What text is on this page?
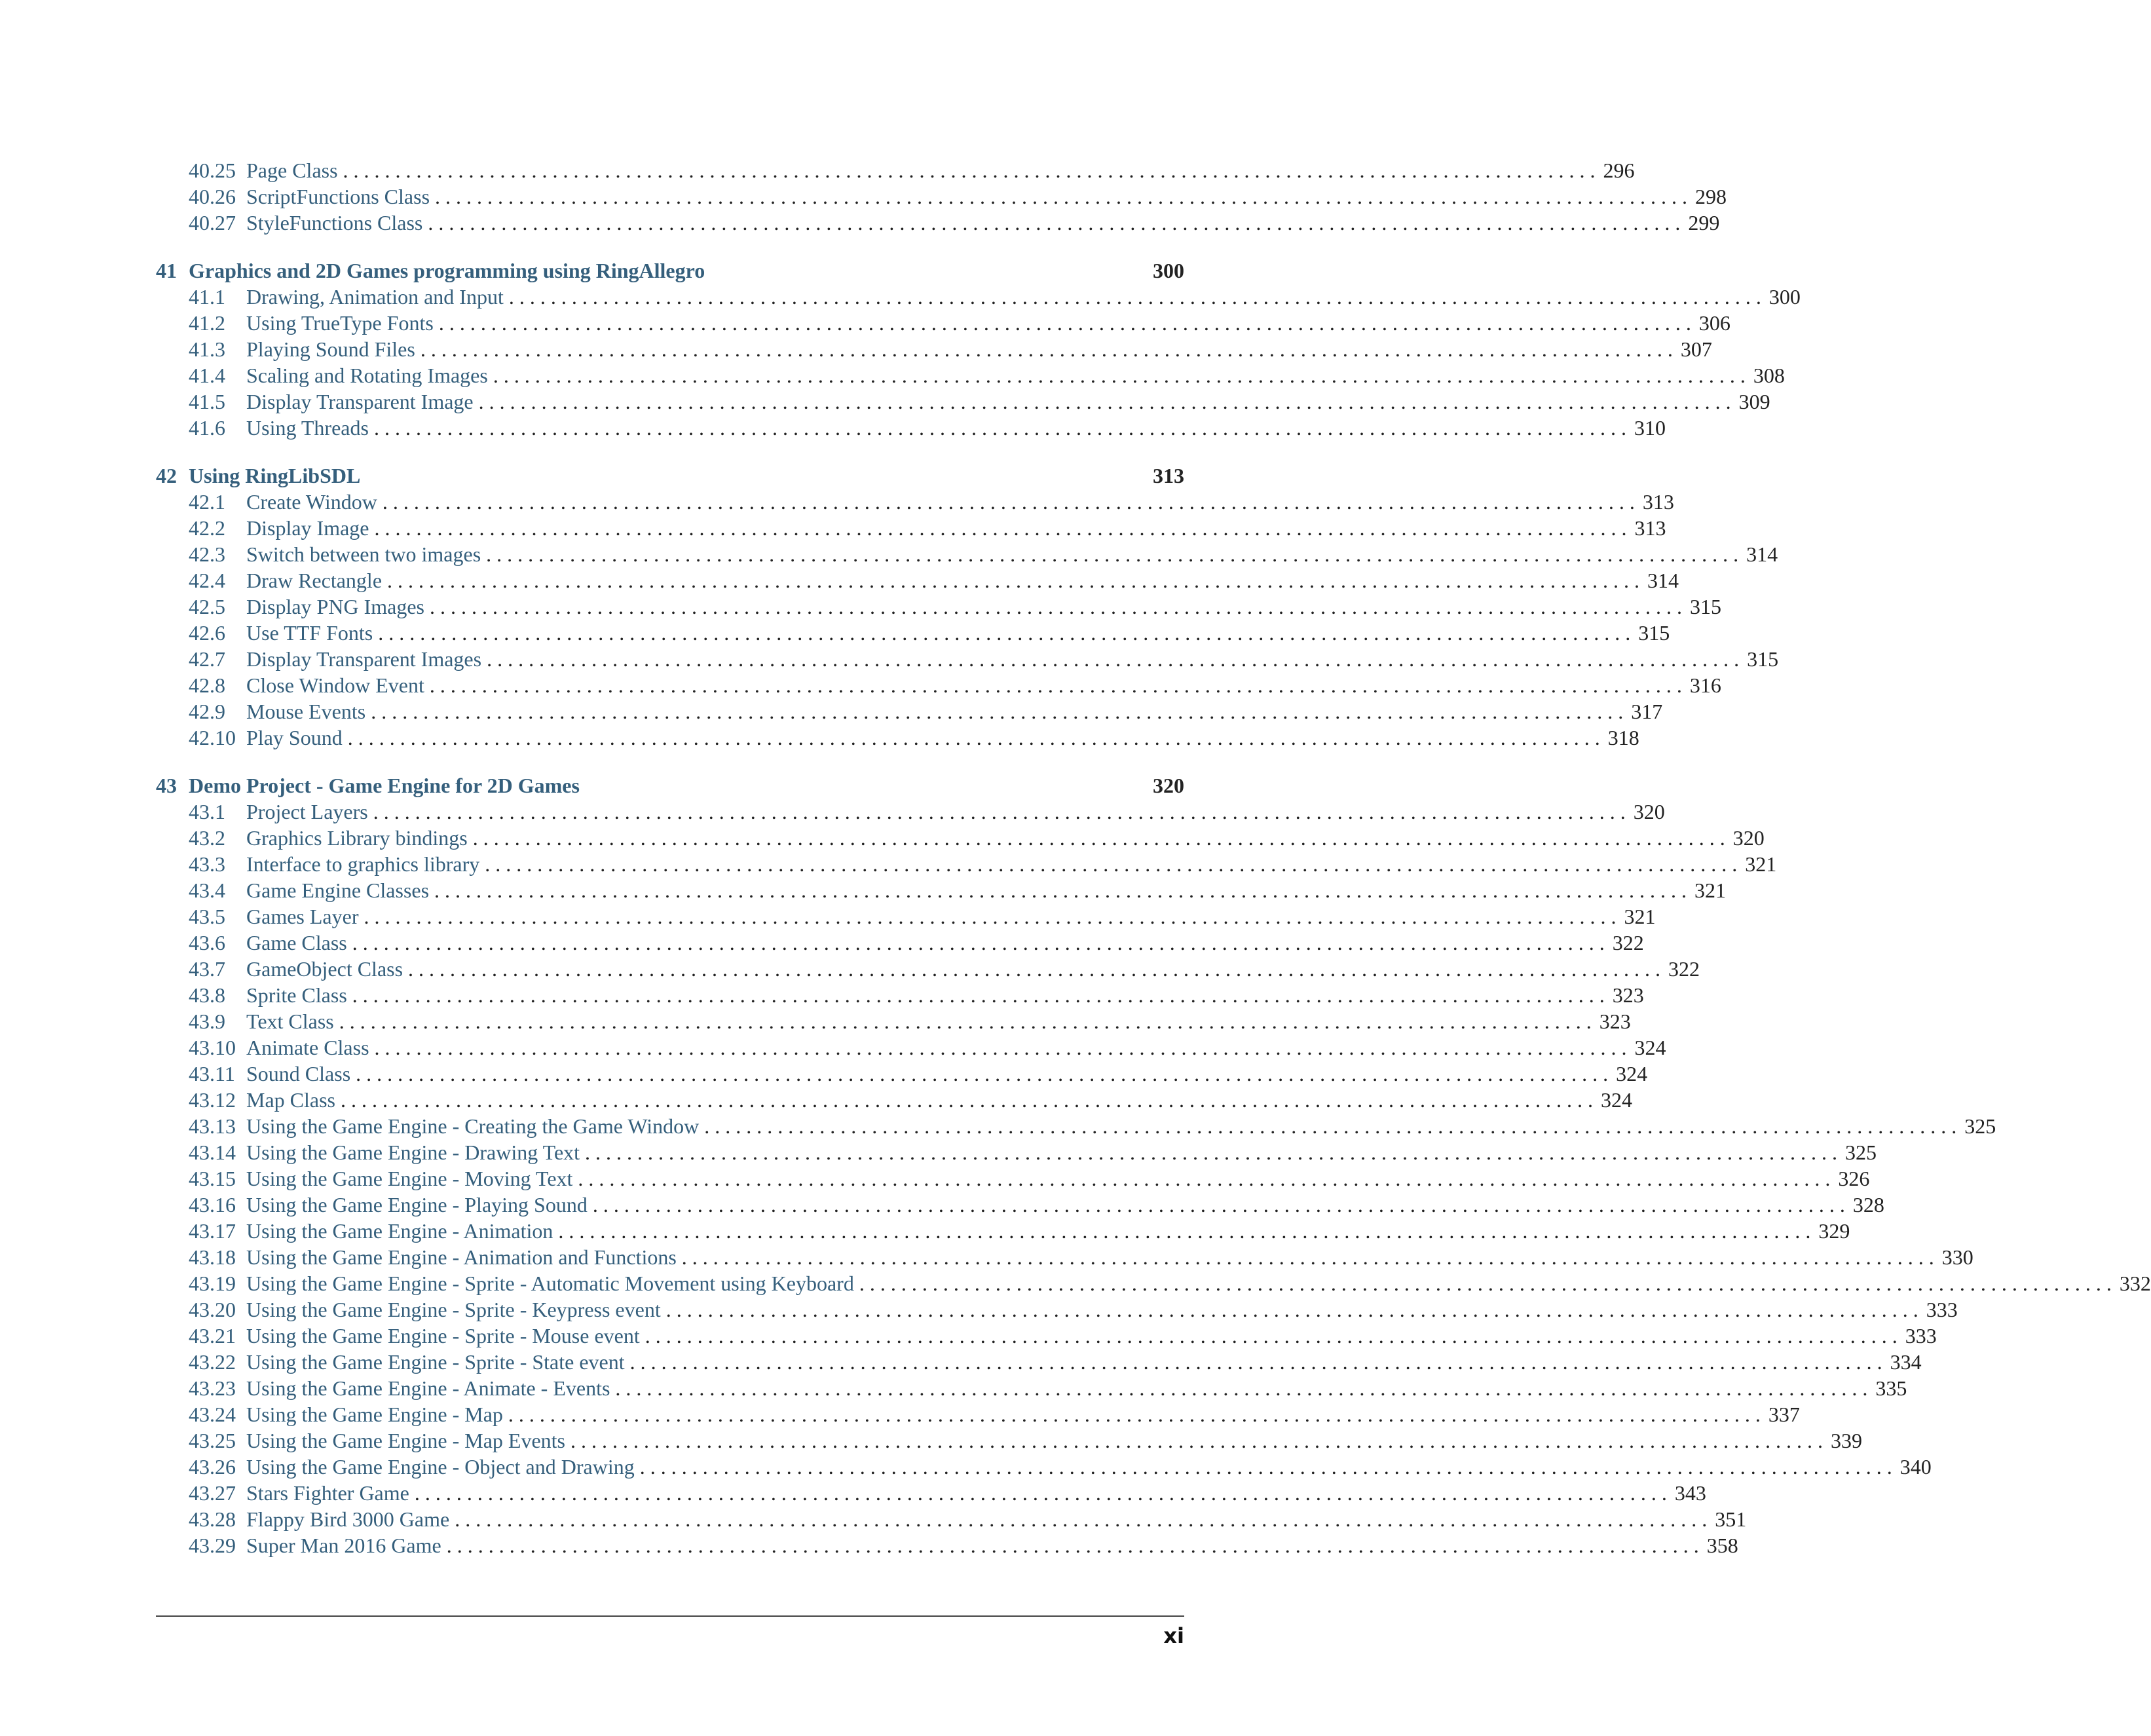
40.25 Page Class . . . . . . . . . . . . . . . . . . . . . . . . . . . . . . . . . . . . . . . . . . . . . . . . . . . . . . . . . . . . . . . . . . . . . . . . . . . . . . . . . . . . . . . . . . . . . . . . . . . . . . . . . . . . . . . . . . . . . . . . 296
40.26 ScriptFunctions Class . . . . . . . . . . . . . . . . . . . . . . . . . . . . . . . . . . . . . . . . . . . . . . . . . . . . . . . . . . . . . . . . . . . . . . . . . . . . . . . . . . . . . . . . . . . . . . . . . . . . . . . . . . . . . . . . . . . . . . . . 298
40.27 StyleFunctions Class . . . . . . . . . . . . . . . . . . . . . . . . . . . . . . . . . . . . . . . . . . . . . . . . . . . . . . . . . . . . . . . . . . . . . . . . . . . . . . . . . . . . . . . . . . . . . . . . . . . . . . . . . . . . . . . . . . . . . . . . 299
41 Graphics and 2D Games programming using RingAllegro	300
41.1	Drawing, Animation and Input . . . . . . . . . . . . . . . . . . . . . . . . . . . . . . . . . . . . . . . . . . . . . . . . . . . . . . . . . . . . . . . . . . . . . . . . . . . . . . . . . . . . . . . . . . . . . . . . . . . . . . . . . . . . . . . . . . . . . . . . 300
41.2	Using TrueType Fonts . . . . . . . . . . . . . . . . . . . . . . . . . . . . . . . . . . . . . . . . . . . . . . . . . . . . . . . . . . . . . . . . . . . . . . . . . . . . . . . . . . . . . . . . . . . . . . . . . . . . . . . . . . . . . . . . . . . . . . . . 306
41.3	Playing Sound Files . . . . . . . . . . . . . . . . . . . . . . . . . . . . . . . . . . . . . . . . . . . . . . . . . . . . . . . . . . . . . . . . . . . . . . . . . . . . . . . . . . . . . . . . . . . . . . . . . . . . . . . . . . . . . . . . . . . . . . . . 307
41.4	Scaling and Rotating Images . . . . . . . . . . . . . . . . . . . . . . . . . . . . . . . . . . . . . . . . . . . . . . . . . . . . . . . . . . . . . . . . . . . . . . . . . . . . . . . . . . . . . . . . . . . . . . . . . . . . . . . . . . . . . . . . . . . . . . . . 308
41.5	Display Transparent Image . . . . . . . . . . . . . . . . . . . . . . . . . . . . . . . . . . . . . . . . . . . . . . . . . . . . . . . . . . . . . . . . . . . . . . . . . . . . . . . . . . . . . . . . . . . . . . . . . . . . . . . . . . . . . . . . . . . . . . . . 309
41.6	Using Threads . . . . . . . . . . . . . . . . . . . . . . . . . . . . . . . . . . . . . . . . . . . . . . . . . . . . . . . . . . . . . . . . . . . . . . . . . . . . . . . . . . . . . . . . . . . . . . . . . . . . . . . . . . . . . . . . . . . . . . . . 310
42 Using RingLibSDL	313
42.1	Create Window . . . . . . . . . . . . . . . . . . . . . . . . . . . . . . . . . . . . . . . . . . . . . . . . . . . . . . . . . . . . . . . . . . . . . . . . . . . . . . . . . . . . . . . . . . . . . . . . . . . . . . . . . . . . . . . . . . . . . . . . 313
42.2	Display Image . . . . . . . . . . . . . . . . . . . . . . . . . . . . . . . . . . . . . . . . . . . . . . . . . . . . . . . . . . . . . . . . . . . . . . . . . . . . . . . . . . . . . . . . . . . . . . . . . . . . . . . . . . . . . . . . . . . . . . . . 313
42.3	Switch between two images . . . . . . . . . . . . . . . . . . . . . . . . . . . . . . . . . . . . . . . . . . . . . . . . . . . . . . . . . . . . . . . . . . . . . . . . . . . . . . . . . . . . . . . . . . . . . . . . . . . . . . . . . . . . . . . . . . . . . . . . 314
42.4	Draw Rectangle . . . . . . . . . . . . . . . . . . . . . . . . . . . . . . . . . . . . . . . . . . . . . . . . . . . . . . . . . . . . . . . . . . . . . . . . . . . . . . . . . . . . . . . . . . . . . . . . . . . . . . . . . . . . . . . . . . . . . . . . 314
42.5	Display PNG Images . . . . . . . . . . . . . . . . . . . . . . . . . . . . . . . . . . . . . . . . . . . . . . . . . . . . . . . . . . . . . . . . . . . . . . . . . . . . . . . . . . . . . . . . . . . . . . . . . . . . . . . . . . . . . . . . . . . . . . . . 315
42.6	Use TTF Fonts . . . . . . . . . . . . . . . . . . . . . . . . . . . . . . . . . . . . . . . . . . . . . . . . . . . . . . . . . . . . . . . . . . . . . . . . . . . . . . . . . . . . . . . . . . . . . . . . . . . . . . . . . . . . . . . . . . . . . . . . 315
42.7	Display Transparent Images . . . . . . . . . . . . . . . . . . . . . . . . . . . . . . . . . . . . . . . . . . . . . . . . . . . . . . . . . . . . . . . . . . . . . . . . . . . . . . . . . . . . . . . . . . . . . . . . . . . . . . . . . . . . . . . . . . . . . . . . 315
42.8	Close Window Event . . . . . . . . . . . . . . . . . . . . . . . . . . . . . . . . . . . . . . . . . . . . . . . . . . . . . . . . . . . . . . . . . . . . . . . . . . . . . . . . . . . . . . . . . . . . . . . . . . . . . . . . . . . . . . . . . . . . . . . . 316
42.9	Mouse Events . . . . . . . . . . . . . . . . . . . . . . . . . . . . . . . . . . . . . . . . . . . . . . . . . . . . . . . . . . . . . . . . . . . . . . . . . . . . . . . . . . . . . . . . . . . . . . . . . . . . . . . . . . . . . . . . . . . . . . . . 317
42.10 Play Sound . . . . . . . . . . . . . . . . . . . . . . . . . . . . . . . . . . . . . . . . . . . . . . . . . . . . . . . . . . . . . . . . . . . . . . . . . . . . . . . . . . . . . . . . . . . . . . . . . . . . . . . . . . . . . . . . . . . . . . . . 318
43 Demo Project - Game Engine for 2D Games	320
43.1	Project Layers . . . . . . . . . . . . . . . . . . . . . . . . . . . . . . . . . . . . . . . . . . . . . . . . . . . . . . . . . . . . . . . . . . . . . . . . . . . . . . . . . . . . . . . . . . . . . . . . . . . . . . . . . . . . . . . . . . . . . . . . 320
43.2	Graphics Library bindings . . . . . . . . . . . . . . . . . . . . . . . . . . . . . . . . . . . . . . . . . . . . . . . . . . . . . . . . . . . . . . . . . . . . . . . . . . . . . . . . . . . . . . . . . . . . . . . . . . . . . . . . . . . . . . . . . . . . . . . . 320
43.3	Interface to graphics library . . . . . . . . . . . . . . . . . . . . . . . . . . . . . . . . . . . . . . . . . . . . . . . . . . . . . . . . . . . . . . . . . . . . . . . . . . . . . . . . . . . . . . . . . . . . . . . . . . . . . . . . . . . . . . . . . . . . . . . . 321
43.4	Game Engine Classes . . . . . . . . . . . . . . . . . . . . . . . . . . . . . . . . . . . . . . . . . . . . . . . . . . . . . . . . . . . . . . . . . . . . . . . . . . . . . . . . . . . . . . . . . . . . . . . . . . . . . . . . . . . . . . . . . . . . . . . . 321
43.5	Games Layer . . . . . . . . . . . . . . . . . . . . . . . . . . . . . . . . . . . . . . . . . . . . . . . . . . . . . . . . . . . . . . . . . . . . . . . . . . . . . . . . . . . . . . . . . . . . . . . . . . . . . . . . . . . . . . . . . . . . . . . . 321
43.6	Game Class . . . . . . . . . . . . . . . . . . . . . . . . . . . . . . . . . . . . . . . . . . . . . . . . . . . . . . . . . . . . . . . . . . . . . . . . . . . . . . . . . . . . . . . . . . . . . . . . . . . . . . . . . . . . . . . . . . . . . . . . 322
43.7	GameObject Class . . . . . . . . . . . . . . . . . . . . . . . . . . . . . . . . . . . . . . . . . . . . . . . . . . . . . . . . . . . . . . . . . . . . . . . . . . . . . . . . . . . . . . . . . . . . . . . . . . . . . . . . . . . . . . . . . . . . . . . . 322
43.8	Sprite Class . . . . . . . . . . . . . . . . . . . . . . . . . . . . . . . . . . . . . . . . . . . . . . . . . . . . . . . . . . . . . . . . . . . . . . . . . . . . . . . . . . . . . . . . . . . . . . . . . . . . . . . . . . . . . . . . . . . . . . . . 323
43.9	Text Class . . . . . . . . . . . . . . . . . . . . . . . . . . . . . . . . . . . . . . . . . . . . . . . . . . . . . . . . . . . . . . . . . . . . . . . . . . . . . . . . . . . . . . . . . . . . . . . . . . . . . . . . . . . . . . . . . . . . . . . . 323
43.10 Animate Class . . . . . . . . . . . . . . . . . . . . . . . . . . . . . . . . . . . . . . . . . . . . . . . . . . . . . . . . . . . . . . . . . . . . . . . . . . . . . . . . . . . . . . . . . . . . . . . . . . . . . . . . . . . . . . . . . . . . . . . . 324
43.11 Sound Class . . . . . . . . . . . . . . . . . . . . . . . . . . . . . . . . . . . . . . . . . . . . . . . . . . . . . . . . . . . . . . . . . . . . . . . . . . . . . . . . . . . . . . . . . . . . . . . . . . . . . . . . . . . . . . . . . . . . . . . . 324
43.12 Map Class . . . . . . . . . . . . . . . . . . . . . . . . . . . . . . . . . . . . . . . . . . . . . . . . . . . . . . . . . . . . . . . . . . . . . . . . . . . . . . . . . . . . . . . . . . . . . . . . . . . . . . . . . . . . . . . . . . . . . . . . 324
43.13 Using the Game Engine - Creating the Game Window . . . . . . . . . . . . . . . . . . . . . . . . . . . . . . . . . . . . . . . . . . . . . . . . . . . . . . . . . . . . . . . . . . . . . . . . . . . . . . . . . . . . . . . . . . . . . . . . . . . . . . . . . . . . . . . . . . . . . . . . 325
43.14 Using the Game Engine - Drawing Text . . . . . . . . . . . . . . . . . . . . . . . . . . . . . . . . . . . . . . . . . . . . . . . . . . . . . . . . . . . . . . . . . . . . . . . . . . . . . . . . . . . . . . . . . . . . . . . . . . . . . . . . . . . . . . . . . . . . . . . . 325
43.15 Using the Game Engine - Moving Text . . . . . . . . . . . . . . . . . . . . . . . . . . . . . . . . . . . . . . . . . . . . . . . . . . . . . . . . . . . . . . . . . . . . . . . . . . . . . . . . . . . . . . . . . . . . . . . . . . . . . . . . . . . . . . . . . . . . . . . . 326
43.16 Using the Game Engine - Playing Sound . . . . . . . . . . . . . . . . . . . . . . . . . . . . . . . . . . . . . . . . . . . . . . . . . . . . . . . . . . . . . . . . . . . . . . . . . . . . . . . . . . . . . . . . . . . . . . . . . . . . . . . . . . . . . . . . . . . . . . . . 328
43.17 Using the Game Engine - Animation . . . . . . . . . . . . . . . . . . . . . . . . . . . . . . . . . . . . . . . . . . . . . . . . . . . . . . . . . . . . . . . . . . . . . . . . . . . . . . . . . . . . . . . . . . . . . . . . . . . . . . . . . . . . . . . . . . . . . . . . 329
43.18 Using the Game Engine - Animation and Functions . . . . . . . . . . . . . . . . . . . . . . . . . . . . . . . . . . . . . . . . . . . . . . . . . . . . . . . . . . . . . . . . . . . . . . . . . . . . . . . . . . . . . . . . . . . . . . . . . . . . . . . . . . . . . . . . . . . . . . . . 330
43.19 Using the Game Engine - Sprite - Automatic Movement using Keyboard . . . . . . . . . . . . . . . . . . . . . . . . . . . . . . . . . . . . . . . . . . . . . . . . . . . . . . . . . . . . . . . . . . . . . . . . . . . . . . . . . . . . . . . . . . . . . . . . . . . . . . . . . . . . . . . . . . . . . . . . 332
43.20 Using the Game Engine - Sprite - Keypress event . . . . . . . . . . . . . . . . . . . . . . . . . . . . . . . . . . . . . . . . . . . . . . . . . . . . . . . . . . . . . . . . . . . . . . . . . . . . . . . . . . . . . . . . . . . . . . . . . . . . . . . . . . . . . . . . . . . . . . . . 333
43.21 Using the Game Engine - Sprite - Mouse event . . . . . . . . . . . . . . . . . . . . . . . . . . . . . . . . . . . . . . . . . . . . . . . . . . . . . . . . . . . . . . . . . . . . . . . . . . . . . . . . . . . . . . . . . . . . . . . . . . . . . . . . . . . . . . . . . . . . . . . . 333
43.22 Using the Game Engine - Sprite - State event . . . . . . . . . . . . . . . . . . . . . . . . . . . . . . . . . . . . . . . . . . . . . . . . . . . . . . . . . . . . . . . . . . . . . . . . . . . . . . . . . . . . . . . . . . . . . . . . . . . . . . . . . . . . . . . . . . . . . . . . 334
43.23 Using the Game Engine - Animate - Events . . . . . . . . . . . . . . . . . . . . . . . . . . . . . . . . . . . . . . . . . . . . . . . . . . . . . . . . . . . . . . . . . . . . . . . . . . . . . . . . . . . . . . . . . . . . . . . . . . . . . . . . . . . . . . . . . . . . . . . . 335
43.24 Using the Game Engine - Map . . . . . . . . . . . . . . . . . . . . . . . . . . . . . . . . . . . . . . . . . . . . . . . . . . . . . . . . . . . . . . . . . . . . . . . . . . . . . . . . . . . . . . . . . . . . . . . . . . . . . . . . . . . . . . . . . . . . . . . . 337
43.25 Using the Game Engine - Map Events . . . . . . . . . . . . . . . . . . . . . . . . . . . . . . . . . . . . . . . . . . . . . . . . . . . . . . . . . . . . . . . . . . . . . . . . . . . . . . . . . . . . . . . . . . . . . . . . . . . . . . . . . . . . . . . . . . . . . . . . 339
43.26 Using the Game Engine - Object and Drawing . . . . . . . . . . . . . . . . . . . . . . . . . . . . . . . . . . . . . . . . . . . . . . . . . . . . . . . . . . . . . . . . . . . . . . . . . . . . . . . . . . . . . . . . . . . . . . . . . . . . . . . . . . . . . . . . . . . . . . . . 340
43.27 Stars Fighter Game . . . . . . . . . . . . . . . . . . . . . . . . . . . . . . . . . . . . . . . . . . . . . . . . . . . . . . . . . . . . . . . . . . . . . . . . . . . . . . . . . . . . . . . . . . . . . . . . . . . . . . . . . . . . . . . . . . . . . . . . 343
43.28 Flappy Bird 3000 Game . . . . . . . . . . . . . . . . . . . . . . . . . . . . . . . . . . . . . . . . . . . . . . . . . . . . . . . . . . . . . . . . . . . . . . . . . . . . . . . . . . . . . . . . . . . . . . . . . . . . . . . . . . . . . . . . . . . . . . . . 351
43.29 Super Man 2016 Game . . . . . . . . . . . . . . . . . . . . . . . . . . . . . . . . . . . . . . . . . . . . . . . . . . . . . . . . . . . . . . . . . . . . . . . . . . . . . . . . . . . . . . . . . . . . . . . . . . . . . . . . . . . . . . . . . . . . . . . . 358
xi
